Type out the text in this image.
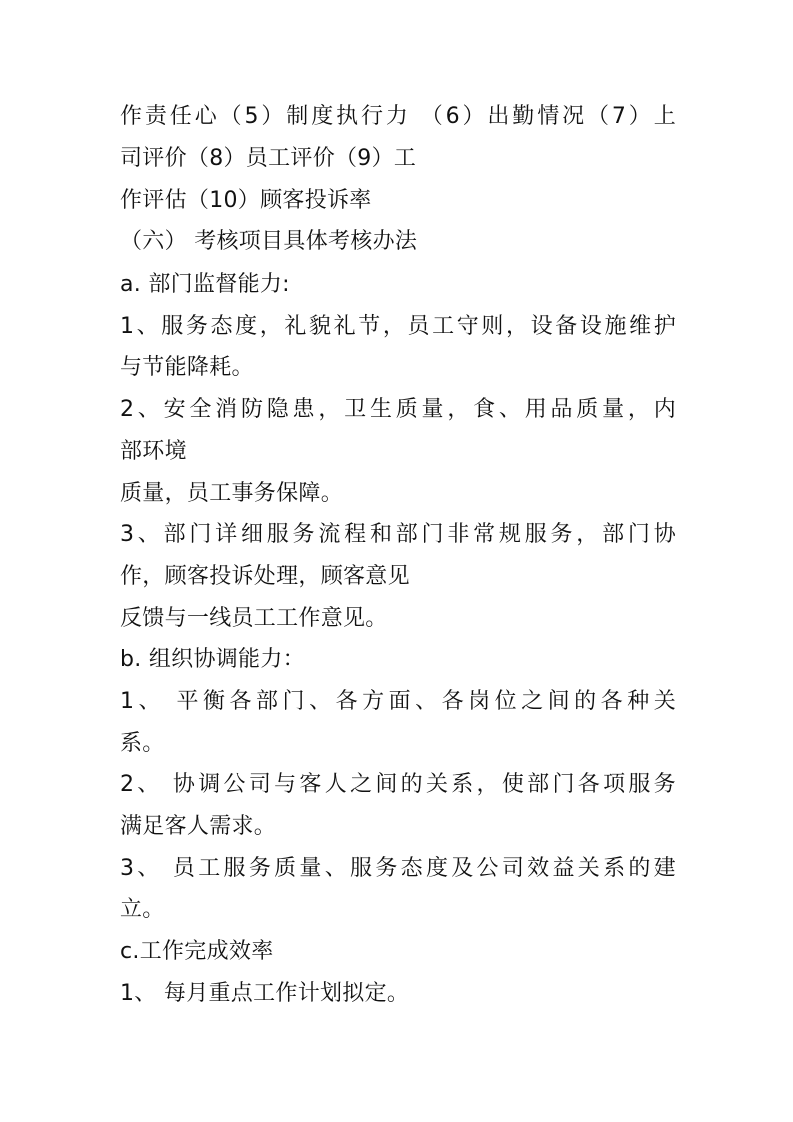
作责任心（5）制度执行力 （6）出勤情况（7）上

司评价（8）员工评价（9）工

作评估（10）顾客投诉率

（六） 考核项目具体考核办法

a. 部门监督能力:

1、服务态度，礼貌礼节，员工守则，设备设施维护

与节能降耗。

2、安全消防隐患，卫生质量，食、用品质量，内

部环境

质量，员工事务保障。

3、部门详细服务流程和部门非常规服务，部门协

作，顾客投诉处理，顾客意见

反馈与一线员工工作意见。

b. 组织协调能力：

1、 平衡各部门、各方面、各岗位之间的各种关

系。

2、 协调公司与客人之间的关系，使部门各项服务

满足客人需求。

3、 员工服务质量、服务态度及公司效益关系的建

立。

c.工作完成效率

1、 每月重点工作计划拟定。
